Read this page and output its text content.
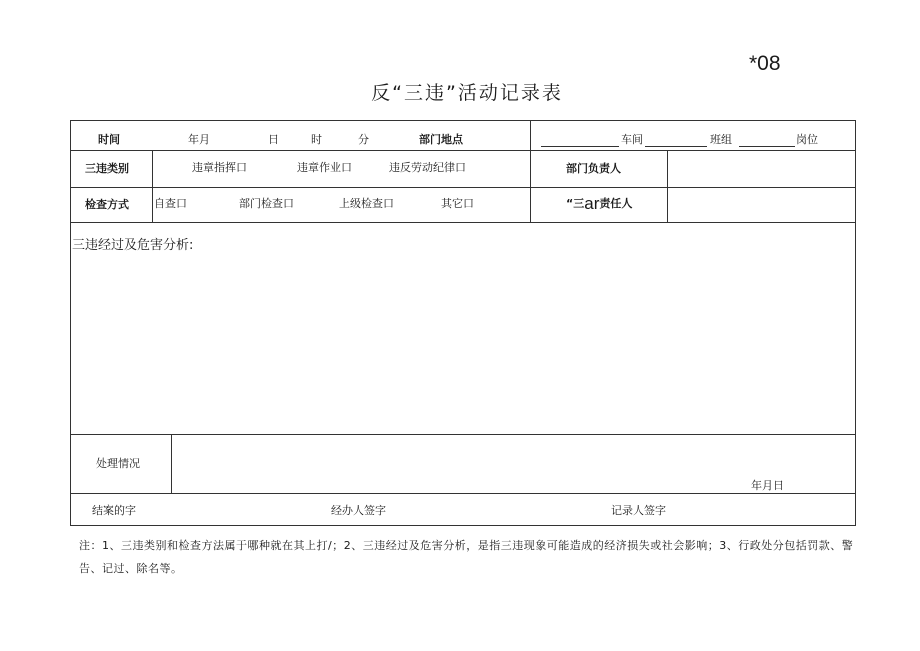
*08
反“三违”活动记录表
时间	年月	日	时	分	部门地点	车间	班组	岗位
三违类别	违章指挥口	违章作业口	违反劳动纪律口	部门负责人
检查方式 自查口	部门检查口	上级检查口	其它口	“三ar责任人
三违经过及危害分析:
处理情况
年月日
结案的字	经办人签字	记录人签字
注：1、三违类别和检查方法属于哪种就在其上打/；2、三违经过及危害分析，是指三违现象可能造成的经济损失或社会影响；3、行政处分包括罚款、警告、记过、除名等。
